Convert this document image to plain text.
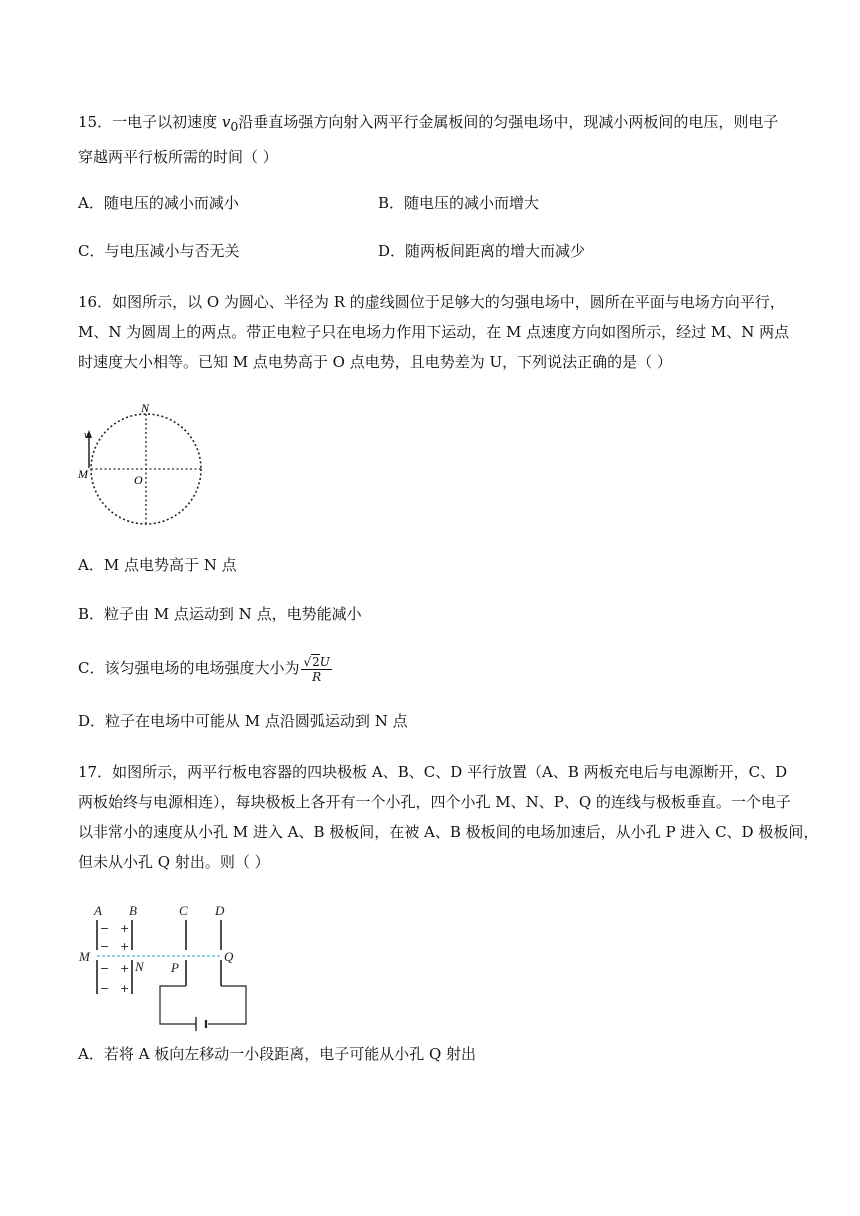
15．一电子以初速度 $v_0$沿垂直场强方向射入两平行金属板间的匀强电场中，现减小两板间的电压，则电子
穿越两平行板所需的时间（ ）
A．随电压的减小而减小	B．随电压的减小而增大
C．与电压减小与否无关	D．随两板间距离的增大而减少
16．如图所示，以 O 为圆心、半径为 R 的虚线圆位于足够大的匀强电场中，圆所在平面与电场方向平行，
M、N 为圆周上的两点。带正电粒子只在电场力作用下运动，在 M 点速度方向如图所示，经过 M、N 两点
时速度大小相等。已知 M 点电势高于 O 点电势，且电势差为 U，下列说法正确的是（ ）
M
N
O
v
A．M 点电势高于 N 点
B．粒子由 M 点运动到 N 点，电势能减小
C．该匀强电场的电场强度大小为 $\frac{√2U}{R}$
D．粒子在电场中可能从 M 点沿圆弧运动到 N 点
17．如图所示，两平行板电容器的四块极板 A、B、C、D 平行放置（A、B 两板充电后与电源断开，C、D
两板始终与电源相连），每块极板上各开有一个小孔，四个小孔 M、N、P、Q 的连线与极板垂直。一个电子
以非常小的速度从小孔 M 进入 A、B 极板间，在被 A、B 极板间的电场加速后，从小孔 P 进入 C、D 极板间，
但未从小孔 Q 射出。则（ ）
A B	C D
M
N P
Q
−
−
−
−
+
+
+
+
A．若将 A 板向左移动一小段距离，电子可能从小孔 Q 射出
